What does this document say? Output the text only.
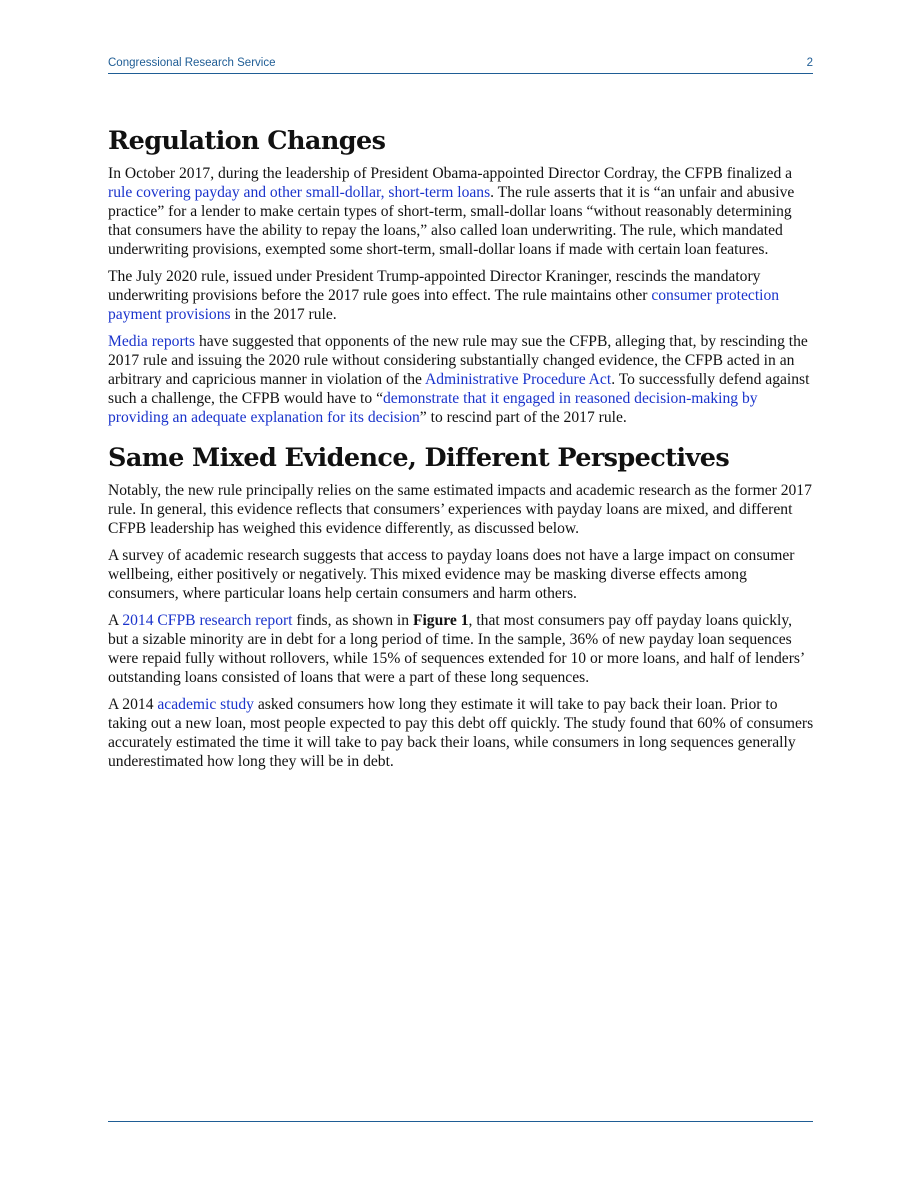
Congressional Research Service	2
Regulation Changes

In October 2017, during the leadership of President Obama-appointed Director Cordray, the CFPB finalized a rule covering payday and other small-dollar, short-term loans. The rule asserts that it is “an unfair and abusive practice” for a lender to make certain types of short-term, small-dollar loans “without reasonably determining that consumers have the ability to repay the loans,” also called loan underwriting. The rule, which mandated underwriting provisions, exempted some short-term, small-dollar loans if made with certain loan features.

The July 2020 rule, issued under President Trump-appointed Director Kraninger, rescinds the mandatory underwriting provisions before the 2017 rule goes into effect. The rule maintains other consumer protection payment provisions in the 2017 rule.

Media reports have suggested that opponents of the new rule may sue the CFPB, alleging that, by rescinding the 2017 rule and issuing the 2020 rule without considering substantially changed evidence, the CFPB acted in an arbitrary and capricious manner in violation of the Administrative Procedure Act. To successfully defend against such a challenge, the CFPB would have to “demonstrate that it engaged in reasoned decision-making by providing an adequate explanation for its decision” to rescind part of the 2017 rule.

Same Mixed Evidence, Different Perspectives

Notably, the new rule principally relies on the same estimated impacts and academic research as the former 2017 rule. In general, this evidence reflects that consumers’ experiences with payday loans are mixed, and different CFPB leadership has weighed this evidence differently, as discussed below.

A survey of academic research suggests that access to payday loans does not have a large impact on consumer wellbeing, either positively or negatively. This mixed evidence may be masking diverse effects among consumers, where particular loans help certain consumers and harm others.

A 2014 CFPB research report finds, as shown in Figure 1, that most consumers pay off payday loans quickly, but a sizable minority are in debt for a long period of time. In the sample, 36% of new payday loan sequences were repaid fully without rollovers, while 15% of sequences extended for 10 or more loans, and half of lenders’ outstanding loans consisted of loans that were a part of these long sequences.

A 2014 academic study asked consumers how long they estimate it will take to pay back their loan. Prior to taking out a new loan, most people expected to pay this debt off quickly. The study found that 60% of consumers accurately estimated the time it will take to pay back their loans, while consumers in long sequences generally underestimated how long they will be in debt.
